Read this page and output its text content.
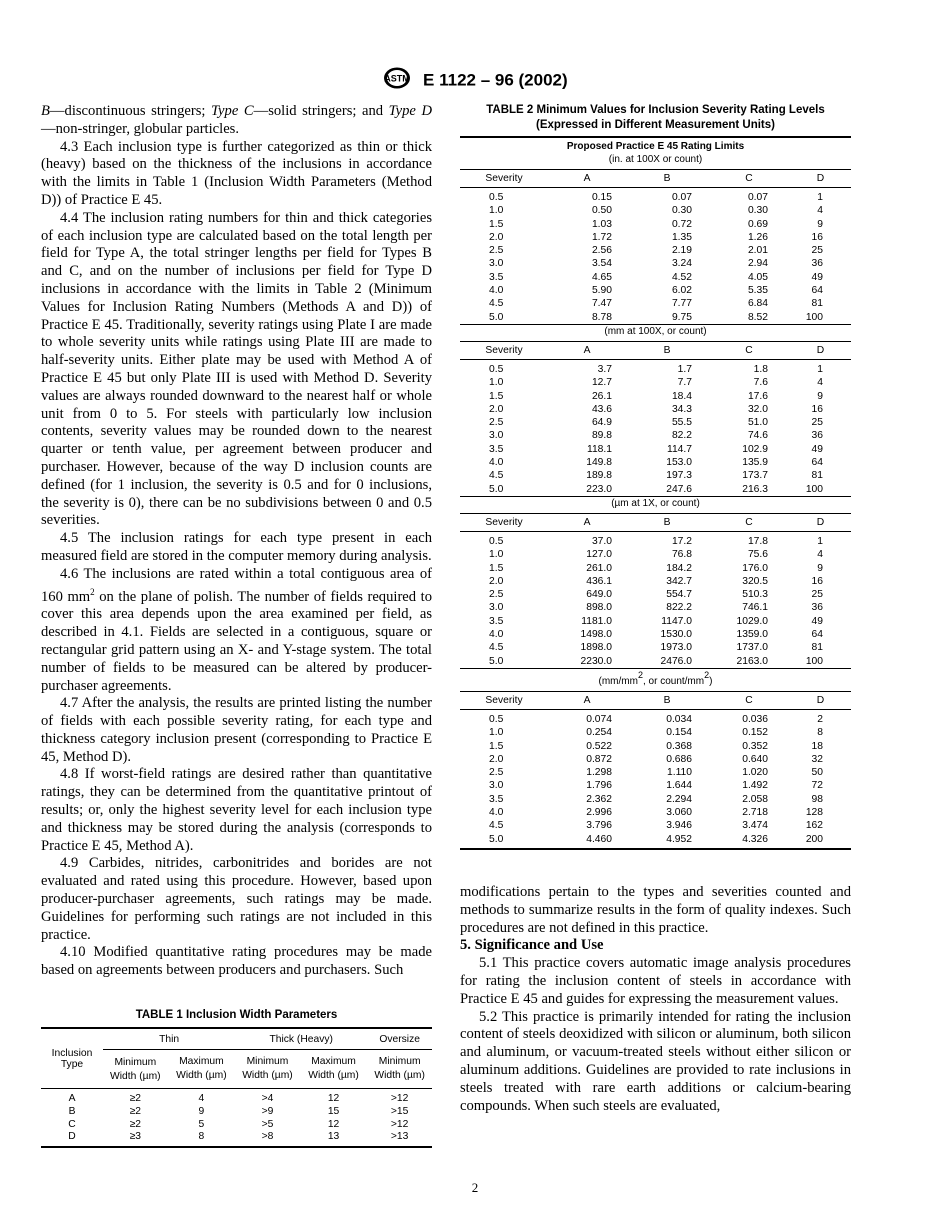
ASTM E 1122 – 96 (2002)

B—discontinuous stringers; Type C—solid stringers; and Type D—non-stringer, globular particles.

4.3 Each inclusion type is further categorized as thin or thick (heavy) based on the thickness of the inclusions in accordance with the limits in Table 1 (Inclusion Width Parameters (Method D)) of Practice E 45.

4.4 The inclusion rating numbers for thin and thick categories of each inclusion type are calculated based on the total length per field for Type A, the total stringer lengths per field for Types B and C, and on the number of inclusions per field for Type D inclusions in accordance with the limits in Table 2 (Minimum Values for Inclusion Rating Numbers (Methods A and D)) of Practice E 45. Traditionally, severity ratings using Plate I are made to whole severity units while ratings using Plate III are made to half-severity units. Either plate may be used with Method A of Practice E 45 but only Plate III is used with Method D. Severity values are always rounded downward to the nearest half or whole unit from 0 to 5. For steels with particularly low inclusion contents, severity values may be rounded down to the nearest quarter or tenth value, per agreement between producer and purchaser. However, because of the way D inclusion counts are defined (for 1 inclusion, the severity is 0.5 and for 0 inclusions, the severity is 0), there can be no subdivisions between 0 and 0.5 severities.

4.5 The inclusion ratings for each type present in each measured field are stored in the computer memory during analysis.

4.6 The inclusions are rated within a total contiguous area of 160 $mm^2$ on the plane of polish. The number of fields required to cover this area depends upon the area examined per field, as described in 4.1. Fields are selected in a contiguous, square or rectangular grid pattern using an X- and Y-stage system. The total number of fields to be measured can be altered by producer-purchaser agreements.

4.7 After the analysis, the results are printed listing the number of fields with each possible severity rating, for each type and thickness category inclusion present (corresponding to Practice E 45, Method D).

4.8 If worst-field ratings are desired rather than quantitative ratings, they can be determined from the quantitative printout of results; or, only the highest severity level for each inclusion type and thickness may be stored during the analysis (corresponds to Practice E 45, Method A).

4.9 Carbides, nitrides, carbonitrides and borides are not evaluated and rated using this procedure. However, based upon producer-purchaser agreements, such ratings may be made. Guidelines for performing such ratings are not included in this practice.

4.10 Modified quantitative rating procedures may be made based on agreements between producers and purchasers. Such

TABLE 1 Inclusion Width Parameters
Inclusion Type	Thin		Thick (Heavy)		Oversize
	Minimum Width (µm)	Maximum Width (µm)	Minimum Width (µm)	Maximum Width (µm)	Minimum Width (µm)
A	≥2	4	>4	12	>12
B	≥2	9	>9	15	>15
C	≥2	5	>5	12	>12
D	≥3	8	>8	13	>13
TABLE 2 Minimum Values for Inclusion Severity Rating Levels
(Expressed in Different Measurement Units)
Proposed Practice E 45 Rating Limits
(in. at 100X or count)
Severity	A	B	C	D
0.5	0.15	0.07	0.07	1
1.0	0.50	0.30	0.30	4
1.5	1.03	0.72	0.69	9
2.0	1.72	1.35	1.26	16
2.5	2.56	2.19	2.01	25
3.0	3.54	3.24	2.94	36
3.5	4.65	4.52	4.05	49
4.0	5.90	6.02	5.35	64
4.5	7.47	7.77	6.84	81
5.0	8.78	9.75	8.52	100
(mm at 100X, or count)
Severity	A	B	C	D
0.5	3.7	1.7	1.8	1
1.0	12.7	7.7	7.6	4
1.5	26.1	18.4	17.6	9
2.0	43.6	34.3	32.0	16
2.5	64.9	55.5	51.0	25
3.0	89.8	82.2	74.6	36
3.5	118.1	114.7	102.9	49
4.0	149.8	153.0	135.9	64
4.5	189.8	197.3	173.7	81
5.0	223.0	247.6	216.3	100
(µm at 1X, or count)
Severity	A	B	C	D
0.5	37.0	17.2	17.8	1
1.0	127.0	76.8	75.6	4
1.5	261.0	184.2	176.0	9
2.0	436.1	342.7	320.5	16
2.5	649.0	554.7	510.3	25
3.0	898.0	822.2	746.1	36
3.5	1181.0	1147.0	1029.0	49
4.0	1498.0	1530.0	1359.0	64
4.5	1898.0	1973.0	1737.0	81
5.0	2230.0	2476.0	2163.0	100
(mm/mm2, or count/mm2)
Severity	A	B	C	D
0.5	0.074	0.034	0.036	2
1.0	0.254	0.154	0.152	8
1.5	0.522	0.368	0.352	18
2.0	0.872	0.686	0.640	32
2.5	1.298	1.110	1.020	50
3.0	1.796	1.644	1.492	72
3.5	2.362	2.294	2.058	98
4.0	2.996	3.060	2.718	128
4.5	3.796	3.946	3.474	162
5.0	4.460	4.952	4.326	200

modifications pertain to the types and severities counted and methods to summarize results in the form of quality indexes. Such procedures are not defined in this practice.

5. Significance and Use

5.1 This practice covers automatic image analysis procedures for rating the inclusion content of steels in accordance with Practice E 45 and guides for expressing the measurement values.

5.2 This practice is primarily intended for rating the inclusion content of steels deoxidized with silicon or aluminum, both silicon and aluminum, or vacuum-treated steels without either silicon or aluminum additions. Guidelines are provided to rate inclusions in steels treated with rare earth additions or calcium-bearing compounds. When such steels are evaluated,

2
